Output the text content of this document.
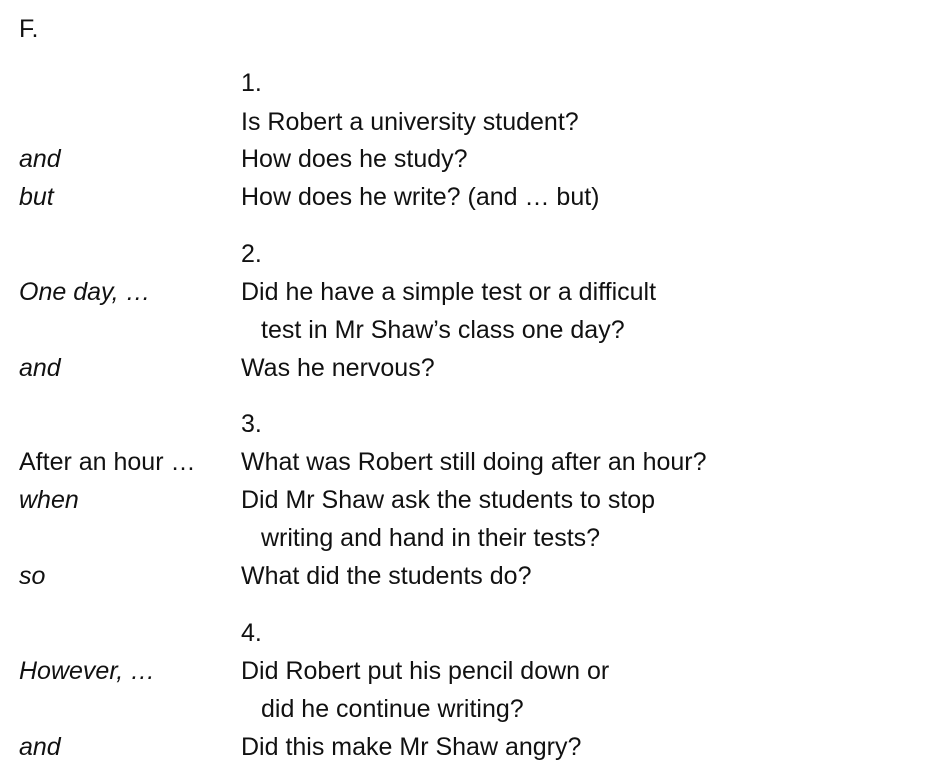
F.
1.
Is Robert a university student?
and	How does he study?
but	How does he write? (and … but)
2.
One day, …	Did he have a simple test or a difficult
test in Mr Shaw’s class one day?
and	Was he nervous?
3.
After an hour … What was Robert still doing after an hour?
when	Did Mr Shaw ask the students to stop
writing and hand in their tests?
so	What did the students do?
4.
However, …	Did Robert put his pencil down or
did he continue writing?
and	Did this make Mr Shaw angry?
